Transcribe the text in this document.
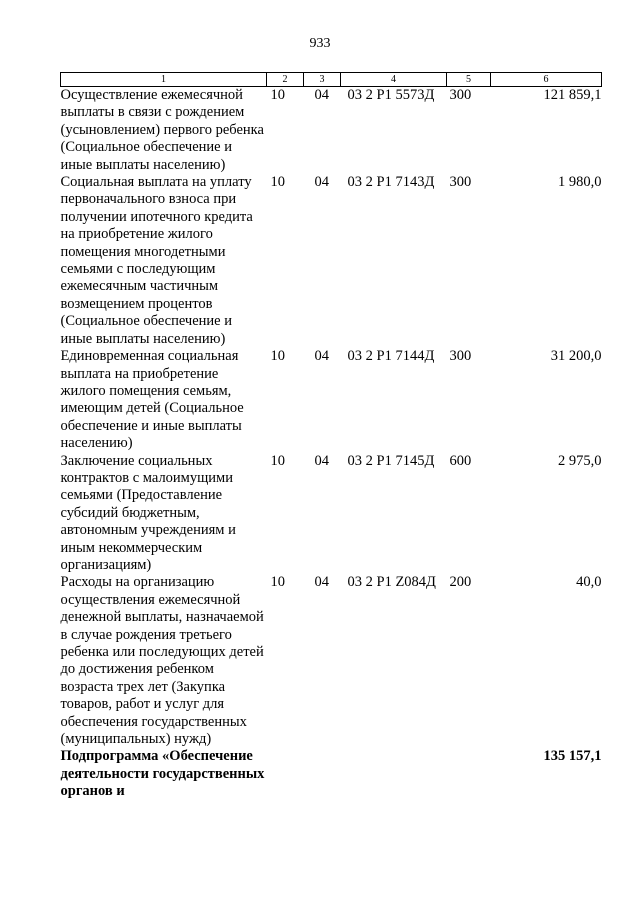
933
1	2	3	4	5	6
Осуществление ежемесячной выплаты в связи с рождением (усыновлением) первого ребенка (Социальное обеспечение и иные выплаты населению)	10	04	03 2 P1 5573Д	300	121 859,1
Социальная выплата на уплату первоначального взноса при получении ипотечного кредита на приобретение жилого помещения многодетными семьями с последующим ежемесячным частичным возмещением процентов (Социальное обеспечение и иные выплаты населению)	10	04	03 2 P1 7143Д	300	1 980,0
Единовременная социальная выплата на приобретение жилого помещения семьям, имеющим детей (Социальное обеспечение и иные выплаты населению)	10	04	03 2 P1 7144Д	300	31 200,0
Заключение социальных контрактов с малоимущими семьями (Предоставление субсидий бюджетным, автономным учреждениям и иным некоммерческим организациям)	10	04	03 2 P1 7145Д	600	2 975,0
Расходы на организацию осуществления ежемесячной денежной выплаты, назначаемой в случае рождения третьего ребенка или последующих детей до достижения ребенком возраста трех лет (Закупка товаров, работ и услуг для обеспечения государственных (муниципальных) нужд)	10	04	03 2 P1 Z084Д	200	40,0
Подпрограмма «Обеспечение деятельности государственных органов и					135 157,1
